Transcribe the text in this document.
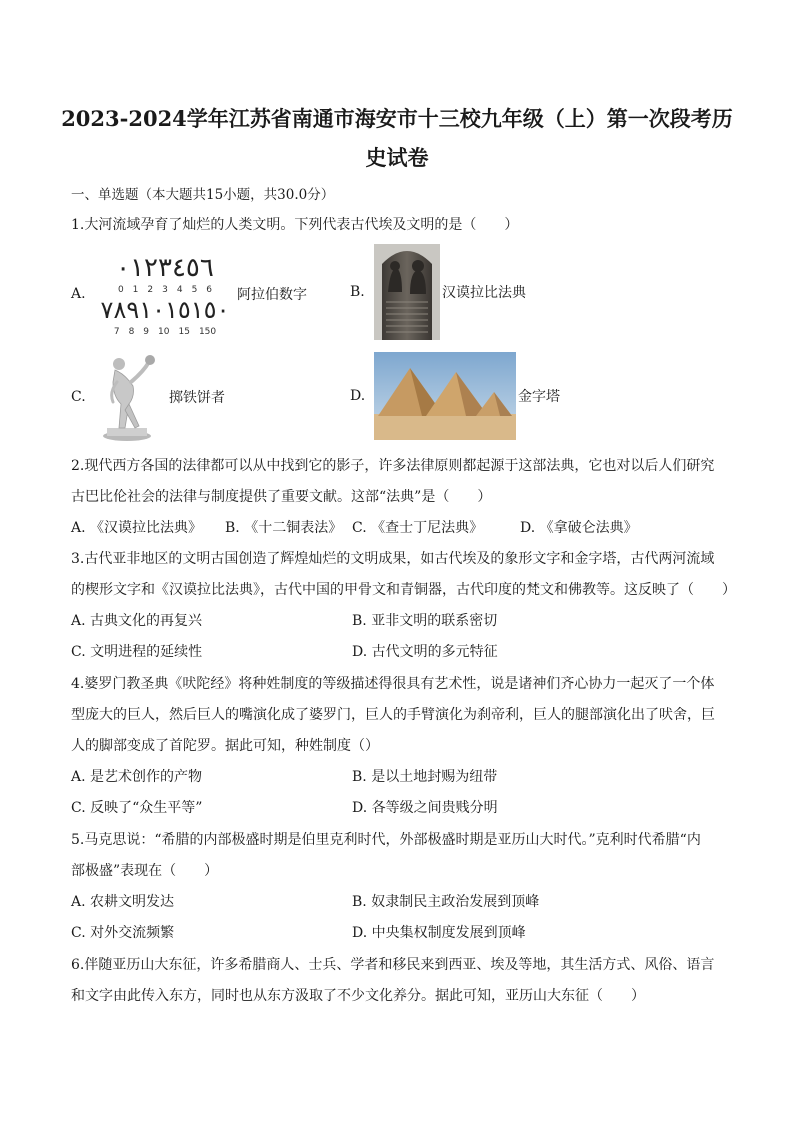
2023-2024学年江苏省南通市海安市十三校九年级（上）第一次段考历
史试卷
一、单选题（本大题共15小题，共30.0分）
1.大河流域孕育了灿烂的人类文明。下列代表古代埃及文明的是（　　）
A.
٠١٢٣٤٥٦
0　1　2　3　4　5　6
٧٨٩١٠١٥١٥٠
7　8　9　10　15　150
阿拉伯数字	B.	汉谟拉比法典
C.	掷铁饼者	D.	金字塔
2.现代西方各国的法律都可以从中找到它的影子，许多法律原则都起源于这部法典，它也对以后人们研究
古巴比伦社会的法律与制度提供了重要文献。这部“法典”是（　　）
A. 《汉谟拉比法典》 B. 《十二铜表法》 C. 《查士丁尼法典》	D. 《拿破仑法典》
3.古代亚非地区的文明古国创造了辉煌灿烂的文明成果，如古代埃及的象形文字和金字塔，古代两河流域
的楔形文字和《汉谟拉比法典》，古代中国的甲骨文和青铜器，古代印度的梵文和佛教等。这反映了（　　）
A. 古典文化的再复兴	B. 亚非文明的联系密切
C. 文明进程的延续性	D. 古代文明的多元特征
4.婆罗门教圣典《吠陀经》将种姓制度的等级描述得很具有艺术性，说是诸神们齐心协力一起灭了一个体
型庞大的巨人，然后巨人的嘴演化成了婆罗门，巨人的手臂演化为刹帝利，巨人的腿部演化出了吠舍，巨
人的脚部变成了首陀罗。据此可知，种姓制度（）
A. 是艺术创作的产物	B. 是以土地封赐为纽带
C. 反映了“众生平等”	D. 各等级之间贵贱分明
5.马克思说：“希腊的内部极盛时期是伯里克利时代，外部极盛时期是亚历山大时代。”克利时代希腊“内
部极盛”表现在（　　）
A. 农耕文明发达	B. 奴隶制民主政治发展到顶峰
C. 对外交流频繁	D. 中央集权制度发展到顶峰
6.伴随亚历山大东征，许多希腊商人、士兵、学者和移民来到西亚、埃及等地，其生活方式、风俗、语言
和文字由此传入东方，同时也从东方汲取了不少文化养分。据此可知，亚历山大东征（　　）
